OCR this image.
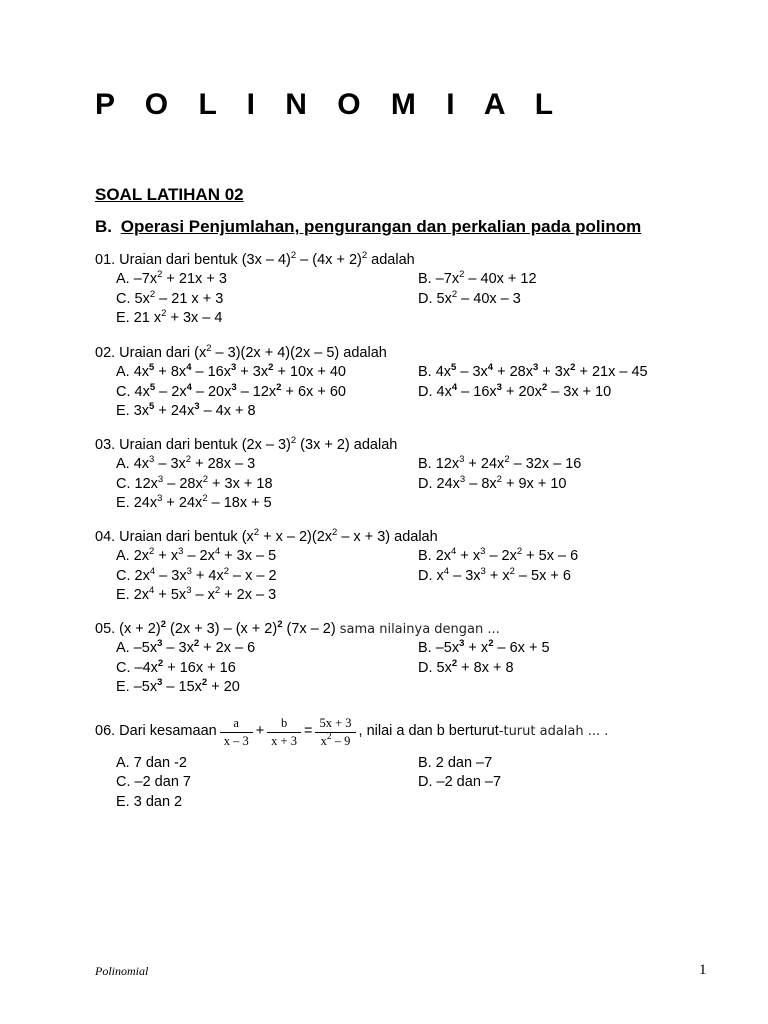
P O L I N O M I A L
SOAL LATIHAN 02
B. Operasi Penjumlahan, pengurangan dan perkalian pada polinom
01. Uraian dari bentuk $(3x - 4)^2 - (4x + 2)^2$ adalah
A. $-7x^2 + 21x + 3$	B. $-7x^2 - 40x + 12$
C. $5x^2 - 21$ x + 3	D. $5x^2 - 40x - 3$
E. 21 $x^2 + 3x - 4$
02. Uraian dari $(x^2 - 3)(2x + 4)(2x - 5)$ adalah
A. $4x^5 + 8x^4 - 16x^3 + 3x^2 + 10x + 40$	B. $4x^5 - 3x^4 + 28x^3 + 3x^2 + 21x - 45$
C. $4x^5 - 2x^4 - 20x^3 - 12x^2 + 6x + 60$	D. $4x^4 - 16x^3 + 20x^2 - 3x + 10$
E. $3x^5 + 24x^3 - 4x + 8$
03. Uraian dari bentuk (2x – 3)$^2$ (3x + 2) adalah
A. $4x^3 - 3x^2 + 28x - 3$	B. $12x^3 + 24x^2 - 32x - 16$
C. $12x^3 - 28x^2 + 3x + 18$	D. $24x^3 - 8x^2 + 9x + 10$
E. $24x^3 + 24x^2 - 18x + 5$
04. Uraian dari bentuk $(x^2 + x - 2)(2x^2 - x + 3)$ adalah
A. $2x^2 + x^3 - 2x^4 + 3x - 5$	B. $2x^4 + x^3 - 2x^2 + 5x - 6$
C. $2x^4 - 3x^3 + 4x^2 - x - 2$	D. $x^4 - 3x^3 + x^2 - 5x + 6$
E. $2x^4 + 5x^3 - x^2 + 2x - 3$
05. $(x + 2)^2$ $(2x + 3) - (x + 2)^2$ (7x – 2) sama nilainya dengan ...
A. $-5x^3 - 3x^2 + 2x - 6$	B. $-5x^3 + x^2 - 6x + 5$
C. $-4x^2 + 16x + 16$	D. $5x^2 + 8x + 8$
E. $-5x^3 - 15x^2 + 20$
06. Dari kesamaan $\frac{a}{x - 3} + \frac{b}{x + 3} = \frac{5x + 3}{x^2 - 9}$ , nilai a dan b berturut -turut adalah ... .
A. 7 dan -2	B. 2 dan –7
C. –2 dan 7	D. –2 dan –7
E. 3 dan 2
Polinomial	1
